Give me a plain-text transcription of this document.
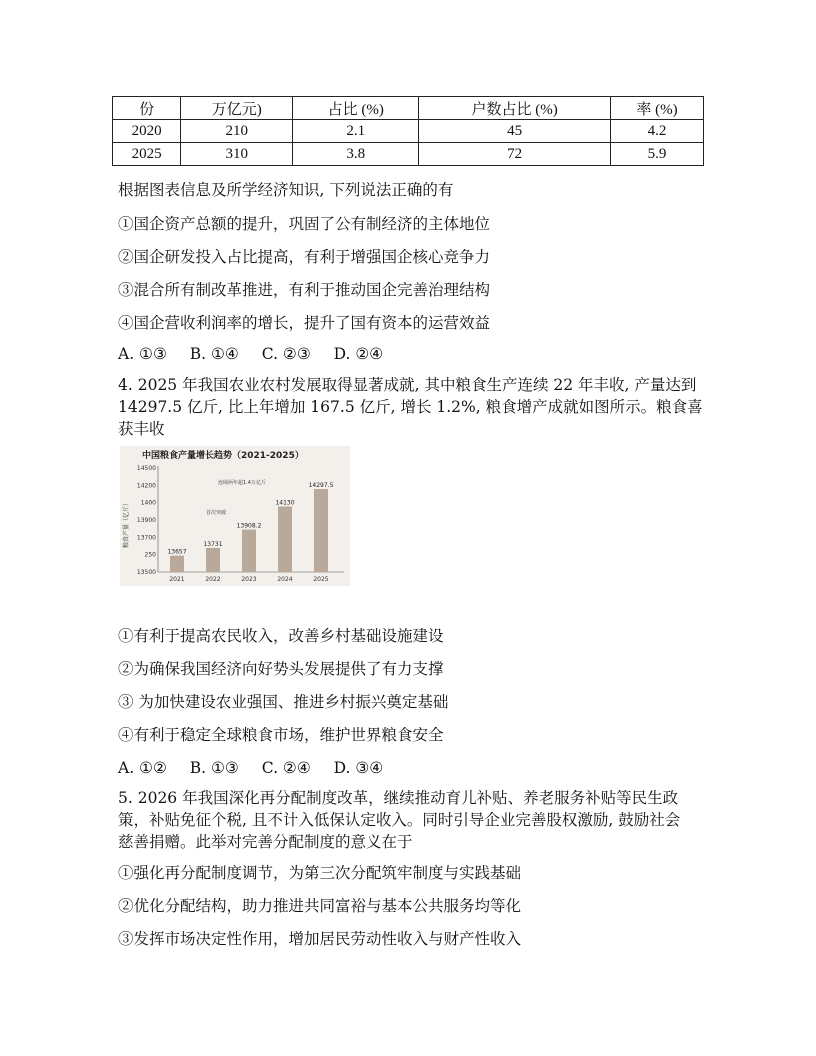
份	万亿元)	占比 (%)	户数占比 (%)	率 (%)
2020	210	2.1	45	4.2
2025	310	3.8	72	5.9
根据图表信息及所学经济知识, 下列说法正确的有
①国企资产总额的提升，巩固了公有制经济的主体地位
②国企研发投入占比提高，有利于增强国企核心竞争力
③混合所有制改革推进，有利于推动国企完善治理结构
④国企营收利润率的增长，提升了国有资本的运营效益
A. ①③ B. ①④ C. ②③ D. ②④
4. 2025 年我国农业农村发展取得显著成就, 其中粮食生产连续 22 年丰收, 产量达到
14297.5 亿斤, 比上年增加 167.5 亿斤, 增长 1.2%, 粮食增产成就如图所示。粮食喜
获丰收
中国粮食产量增长趋势（2021-2025）
粮食产量（亿斤）
14500
14200
1400
13900
13700
250
13500
2021	2022	2023	2024	2025
13657
13731
13908.2
14130
14297.5
连续两年超1.4万亿斤
首次突破
①有利于提高农民收入，改善乡村基础设施建设
②为确保我国经济向好势头发展提供了有力支撑
③ 为加快建设农业强国、推进乡村振兴奠定基础
④有利于稳定全球粮食市场，维护世界粮食安全
A. ①② B. ①③ C. ②④ D. ③④
5. 2026 年我国深化再分配制度改革，继续推动育儿补贴、养老服务补贴等民生政
策，补贴免征个税, 且不计入低保认定收入。同时引导企业完善股权激励, 鼓励社会
慈善捐赠。此举对完善分配制度的意义在于
①强化再分配制度调节，为第三次分配筑牢制度与实践基础
②优化分配结构，助力推进共同富裕与基本公共服务均等化
③发挥市场决定性作用，增加居民劳动性收入与财产性收入
